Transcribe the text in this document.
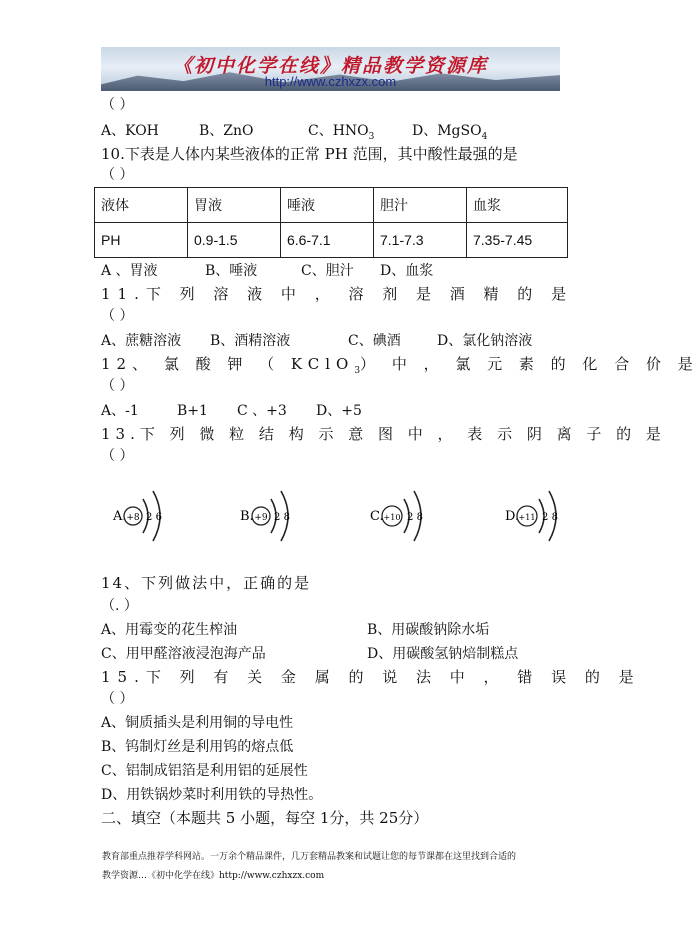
《初中化学在线》精品教学资源库
http://www.czhxzx.com
（ ）
A、KOH	B、ZnO	C、$HNO_3$	D、MgSO$_4$
10.下表是人体内某些液体的正常 PH 范围，其中酸性最强的是
（ ）
液体	胃液	唾液	胆汁	血浆
PH	0.9-1.5	6.6-7.1	7.1-7.3	7.35-7.45
A 、胃液	B、唾液	C、胆汁 D、血浆
11.下 列 溶 液 中 ， 溶 剂 是 酒 精 的 是
（ ）
A、蔗糖溶液 B、酒精溶液	C、碘酒	D、氯化钠溶液
12、 氯 酸 钾 （ KClO$_3$） 中 ， 氯 元 素 的 化 合 价 是
（ ）
A、-1	B+1 C 、+3 D、+5
13.下 列 微 粒 结 构 示 意 图 中 ， 表 示 阴 离 子 的 是
（ ）
A. +8 2 6	B. +9 2 8	C. +10 2 8	D. +11 2 8
14、下列做法中，正确的是
（. ）
A、用霉变的花生榨油	B、用碳酸钠除水垢
C、用甲醛溶液浸泡海产品	D、用碳酸氢钠焙制糕点
15.下 列 有 关 金 属 的 说 法 中 ， 错 误 的 是
（ ）
A、铜质插头是利用铜的导电性
B、钨制灯丝是利用钨的熔点低
C、铝制成铝箔是利用铝的延展性
D、用铁锅炒菜时利用铁的导热性。
二、填空（本题共 5 小题，每空 1分，共 25分）
教育部重点推荐学科网站。一万余个精品课件，几万套精品教案和试题让您的每节课都在这里找到合适的
教学资源…《初中化学在线》http://www.czhxzx.com
